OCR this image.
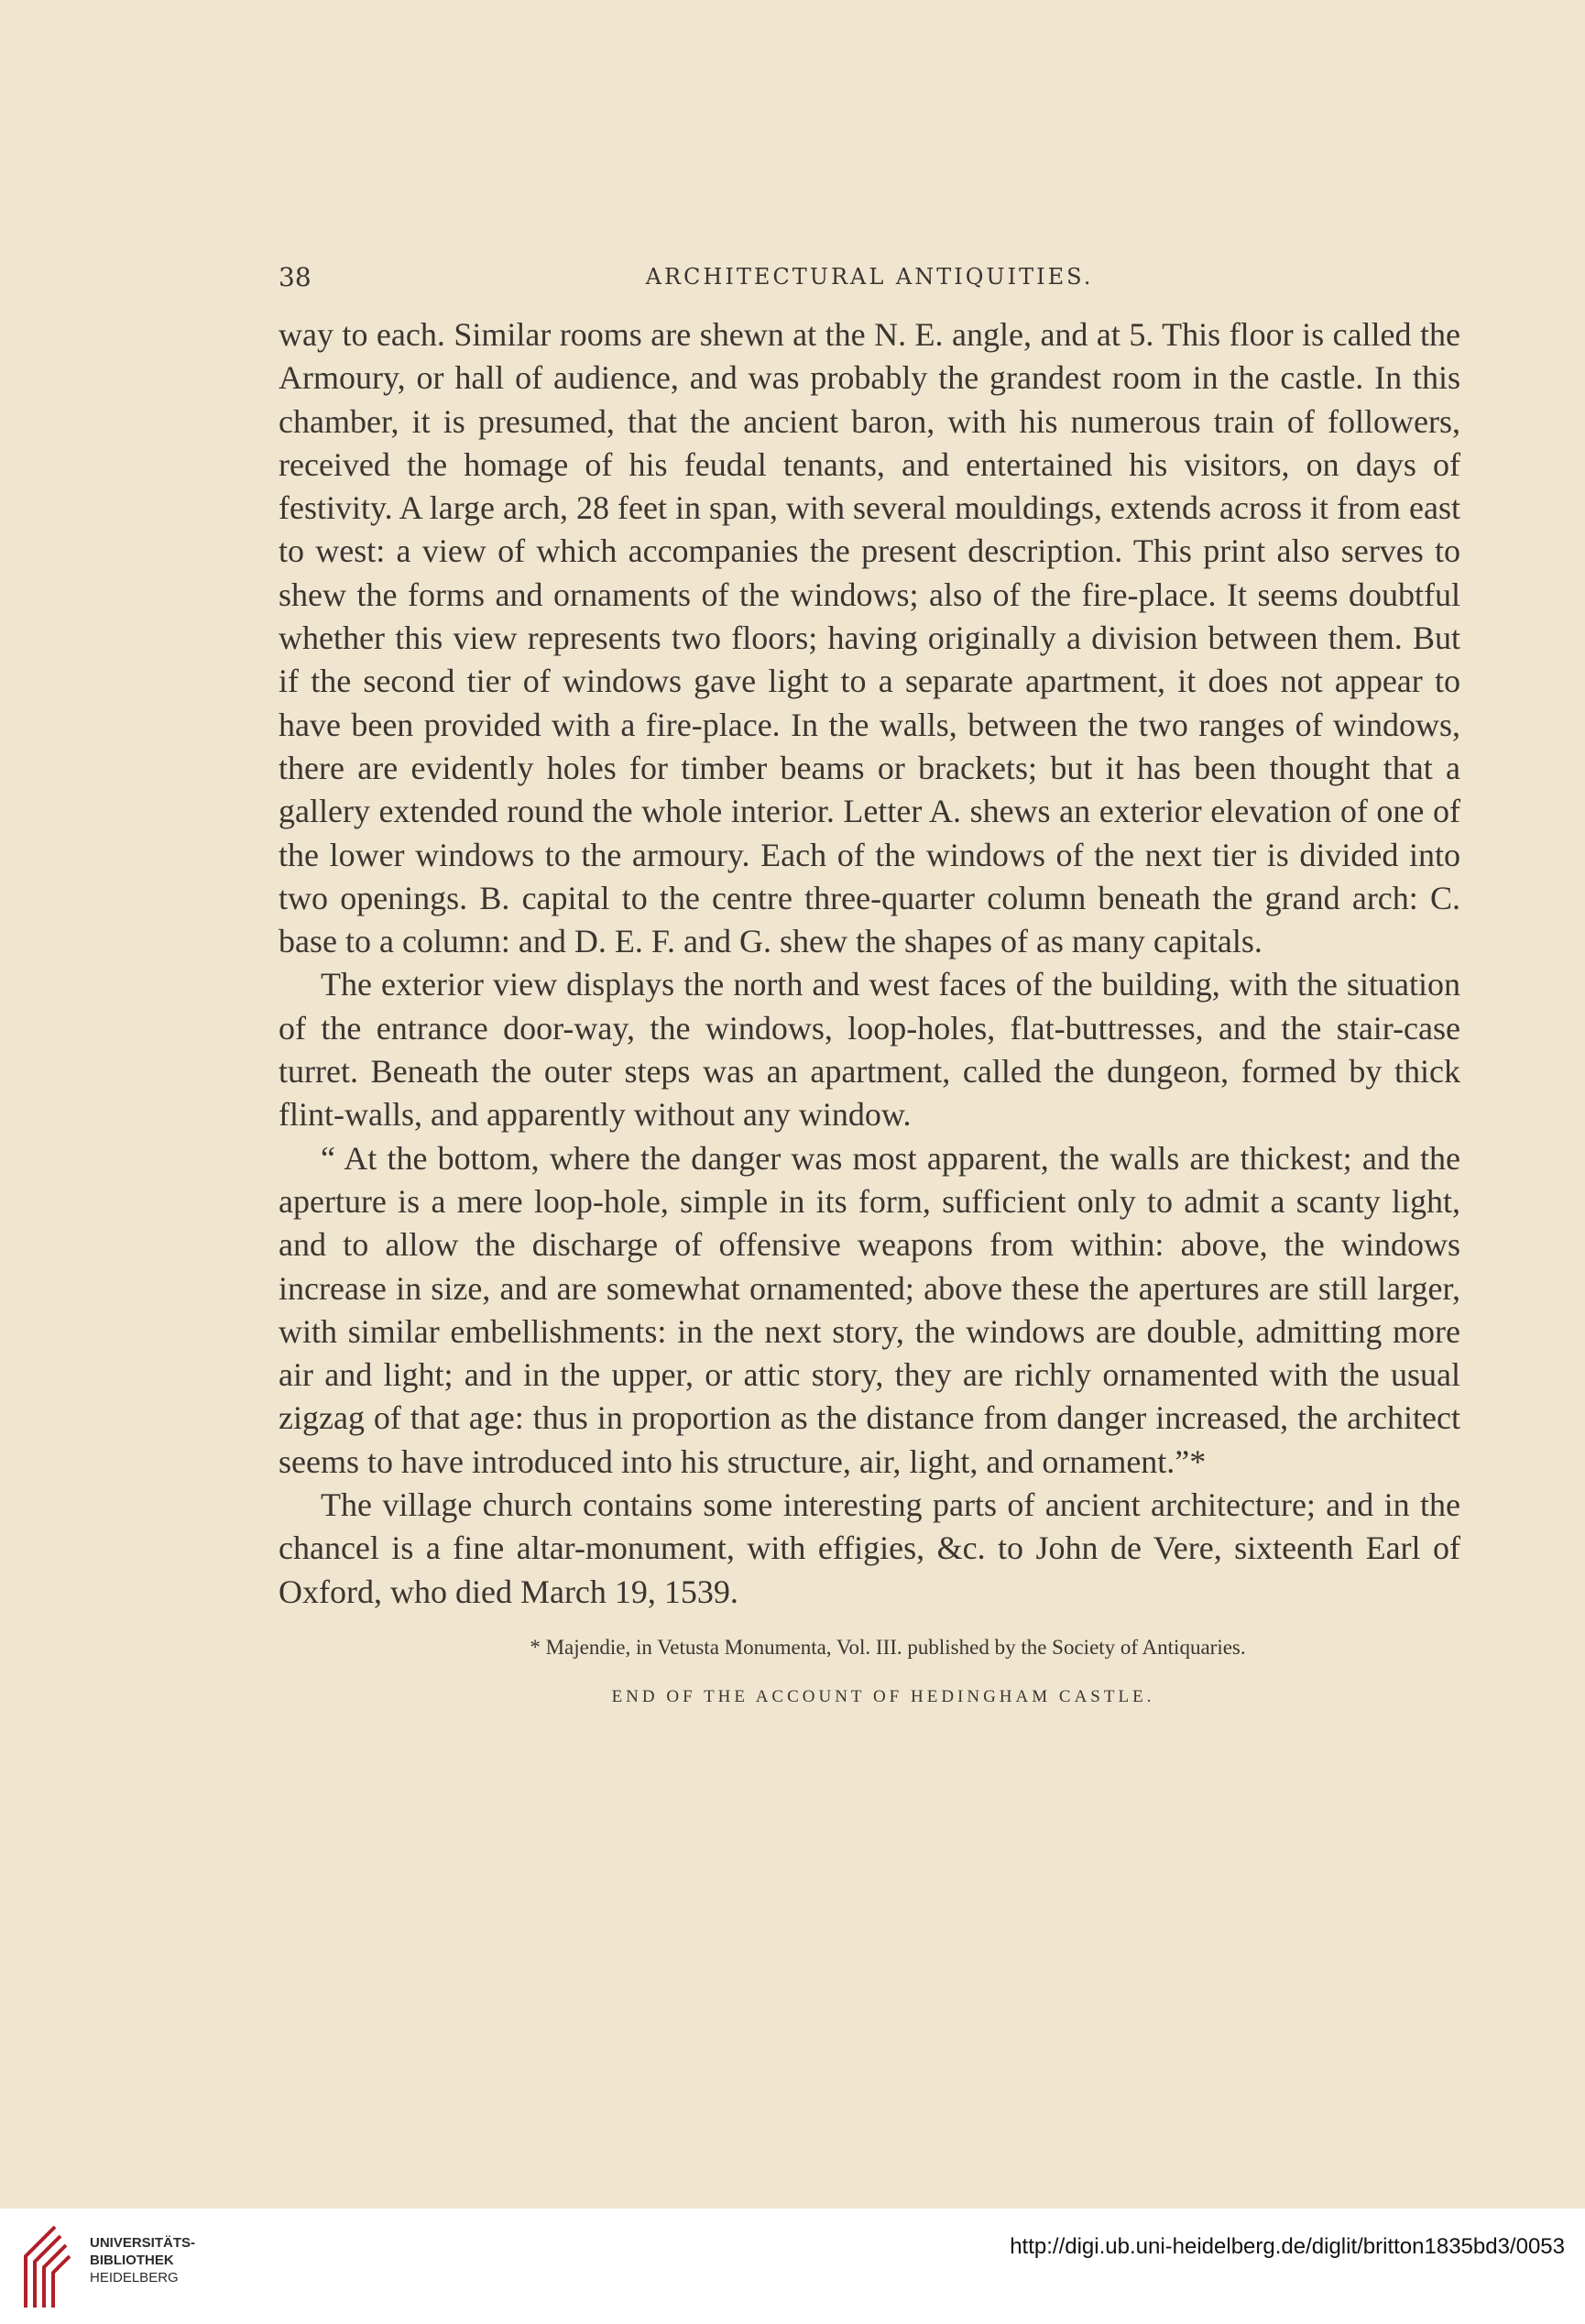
38	ARCHITECTURAL ANTIQUITIES.

way to each. Similar rooms are shewn at the N. E. angle, and at 5. This floor is called the Armoury, or hall of audience, and was probably the grandest room in the castle. In this chamber, it is presumed, that the ancient baron, with his numerous train of followers, received the homage of his feudal tenants, and entertained his visitors, on days of festivity. A large arch, 28 feet in span, with several mouldings, extends across it from east to west: a view of which accompanies the present description. This print also serves to shew the forms and ornaments of the windows; also of the fire-place. It seems doubtful whether this view represents two floors; having originally a division between them. But if the second tier of windows gave light to a separate apartment, it does not appear to have been provided with a fire-place. In the walls, between the two ranges of windows, there are evidently holes for timber beams or brackets; but it has been thought that a gallery extended round the whole interior. Letter A. shews an exterior elevation of one of the lower windows to the armoury. Each of the windows of the next tier is divided into two openings. B. capital to the centre three-quarter column beneath the grand arch: C. base to a column: and D. E. F. and G. shew the shapes of as many capitals.

The exterior view displays the north and west faces of the building, with the situation of the entrance door-way, the windows, loop-holes, flat-buttresses, and the stair-case turret. Beneath the outer steps was an apartment, called the dungeon, formed by thick flint-walls, and apparently without any window.

“ At the bottom, where the danger was most apparent, the walls are thickest; and the aperture is a mere loop-hole, simple in its form, sufficient only to admit a scanty light, and to allow the discharge of offensive weapons from within: above, the windows increase in size, and are somewhat ornamented; above these the apertures are still larger, with similar embellishments: in the next story, the windows are double, admitting more air and light; and in the upper, or attic story, they are richly ornamented with the usual zigzag of that age: thus in proportion as the distance from danger increased, the architect seems to have introduced into his structure, air, light, and ornament.”*

The village church contains some interesting parts of ancient architecture; and in the chancel is a fine altar-monument, with effigies, &c. to John de Vere, sixteenth Earl of Oxford, who died March 19, 1539.

* Majendie, in Vetusta Monumenta, Vol. III. published by the Society of Antiquaries.
END OF THE ACCOUNT OF HEDINGHAM CASTLE.
UNIVERSITÄTS-
BIBLIOTHEK
HEIDELBERG
http://digi.ub.uni-heidelberg.de/diglit/britton1835bd3/0053
